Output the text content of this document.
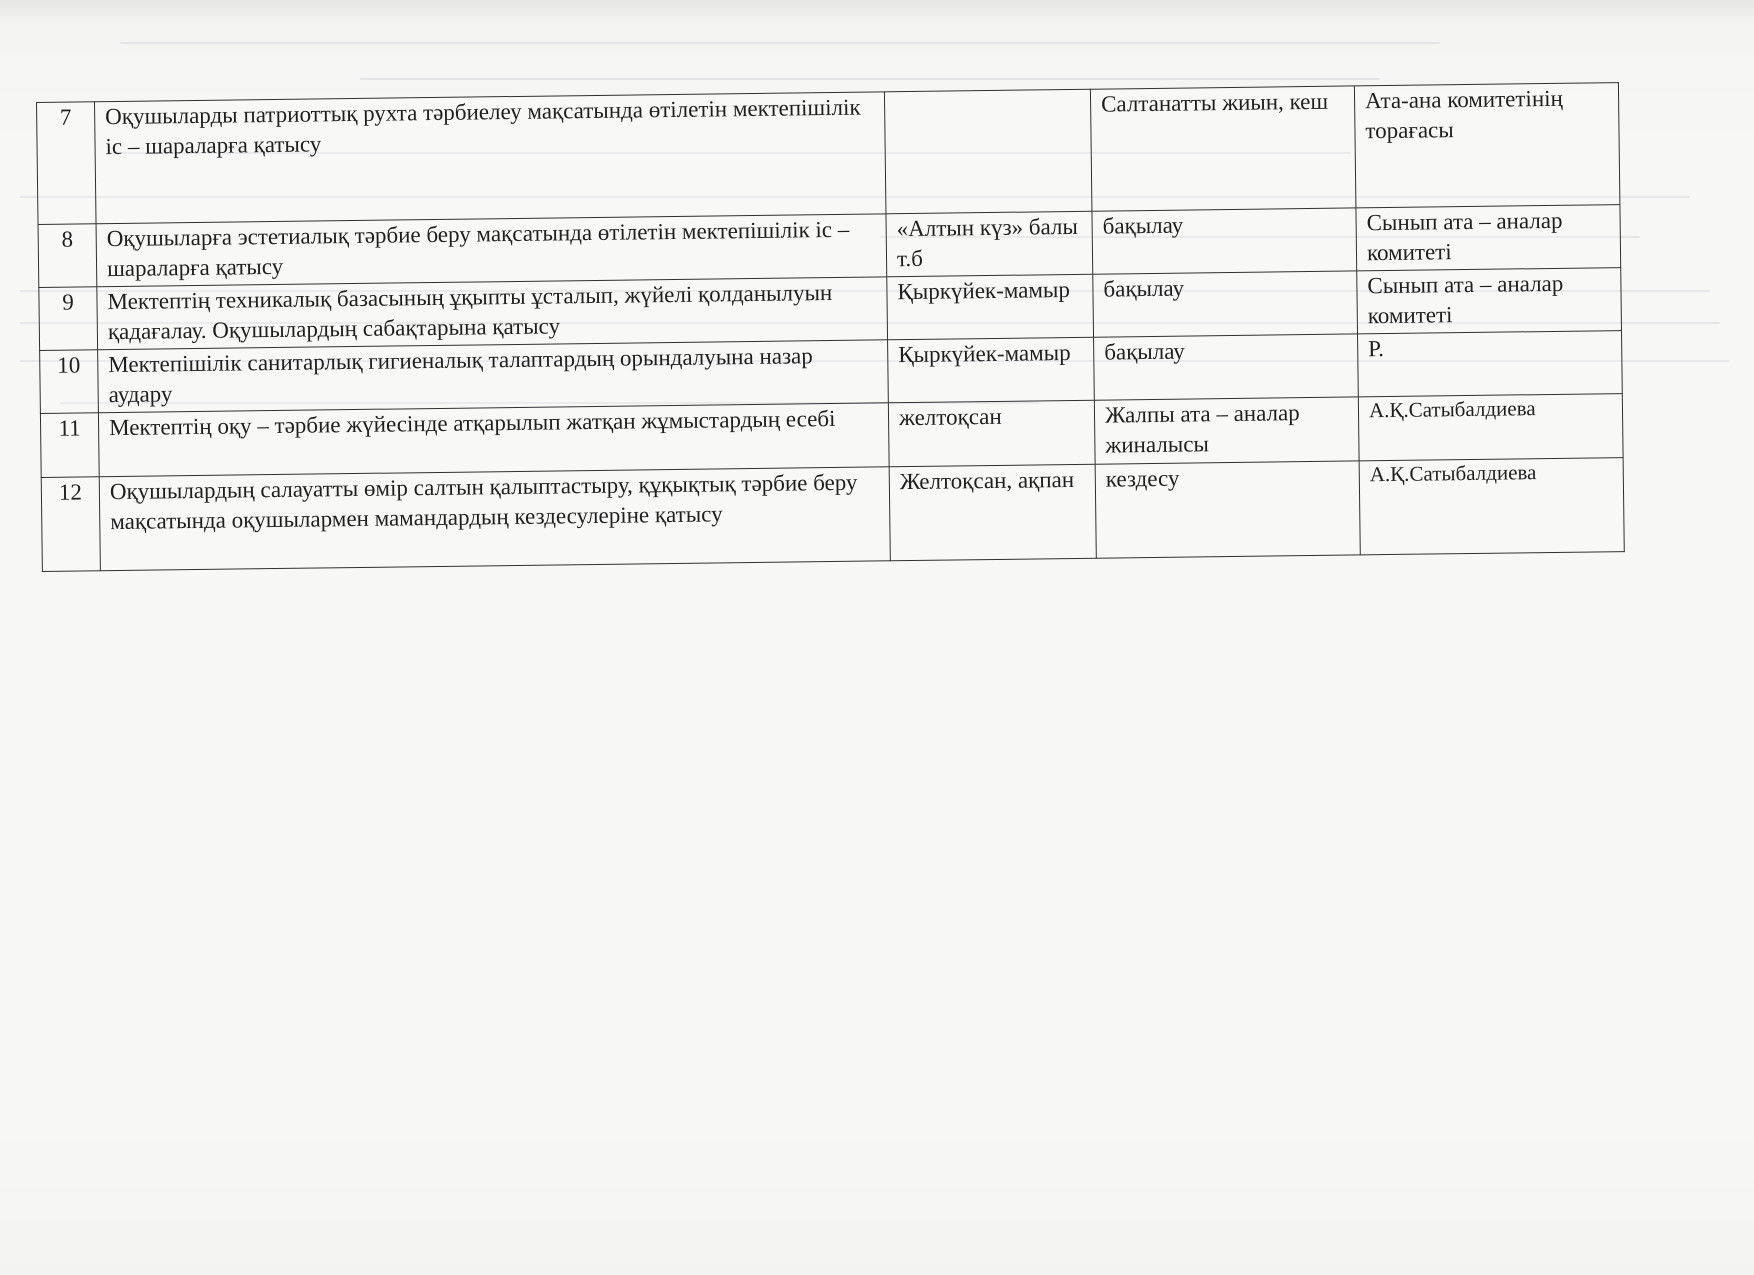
7	Оқушыларды патриоттық рухта тәрбиелеу мақсатында өтілетін мектепішілік іс – шараларға қатысу		Салтанатты жиын, кеш	Ата-ана комитетінің торағасы
8	Оқушыларға эстетиалық тәрбие беру мақсатында өтілетін мектепішілік іс – шараларға қатысу	«Алтын күз» балы т.б	бақылау	Сынып ата – аналар комитеті
9	Мектептің техникалық базасының ұқыпты ұсталып, жүйелі қолданылуын қадағалау. Оқушылардың сабақтарына қатысу	Қыркүйек-мамыр	бақылау	Сынып ата – аналар комитеті
10	Мектепішілік санитарлық гигиеналық талаптардың орындалуына назар аудару	Қыркүйек-мамыр	бақылау	Р.
11	Мектептің оқу – тәрбие жүйесінде атқарылып жатқан жұмыстардың есебі	желтоқсан	Жалпы ата – аналар жиналысы	А.Қ.Сатыбалдиева
12	Оқушылардың салауатты өмір салтын қалыптастыру, құқықтық тәрбие беру мақсатында оқушылармен мамандардың кездесулеріне қатысу	Желтоқсан, ақпан	кездесу	А.Қ.Сатыбалдиева
